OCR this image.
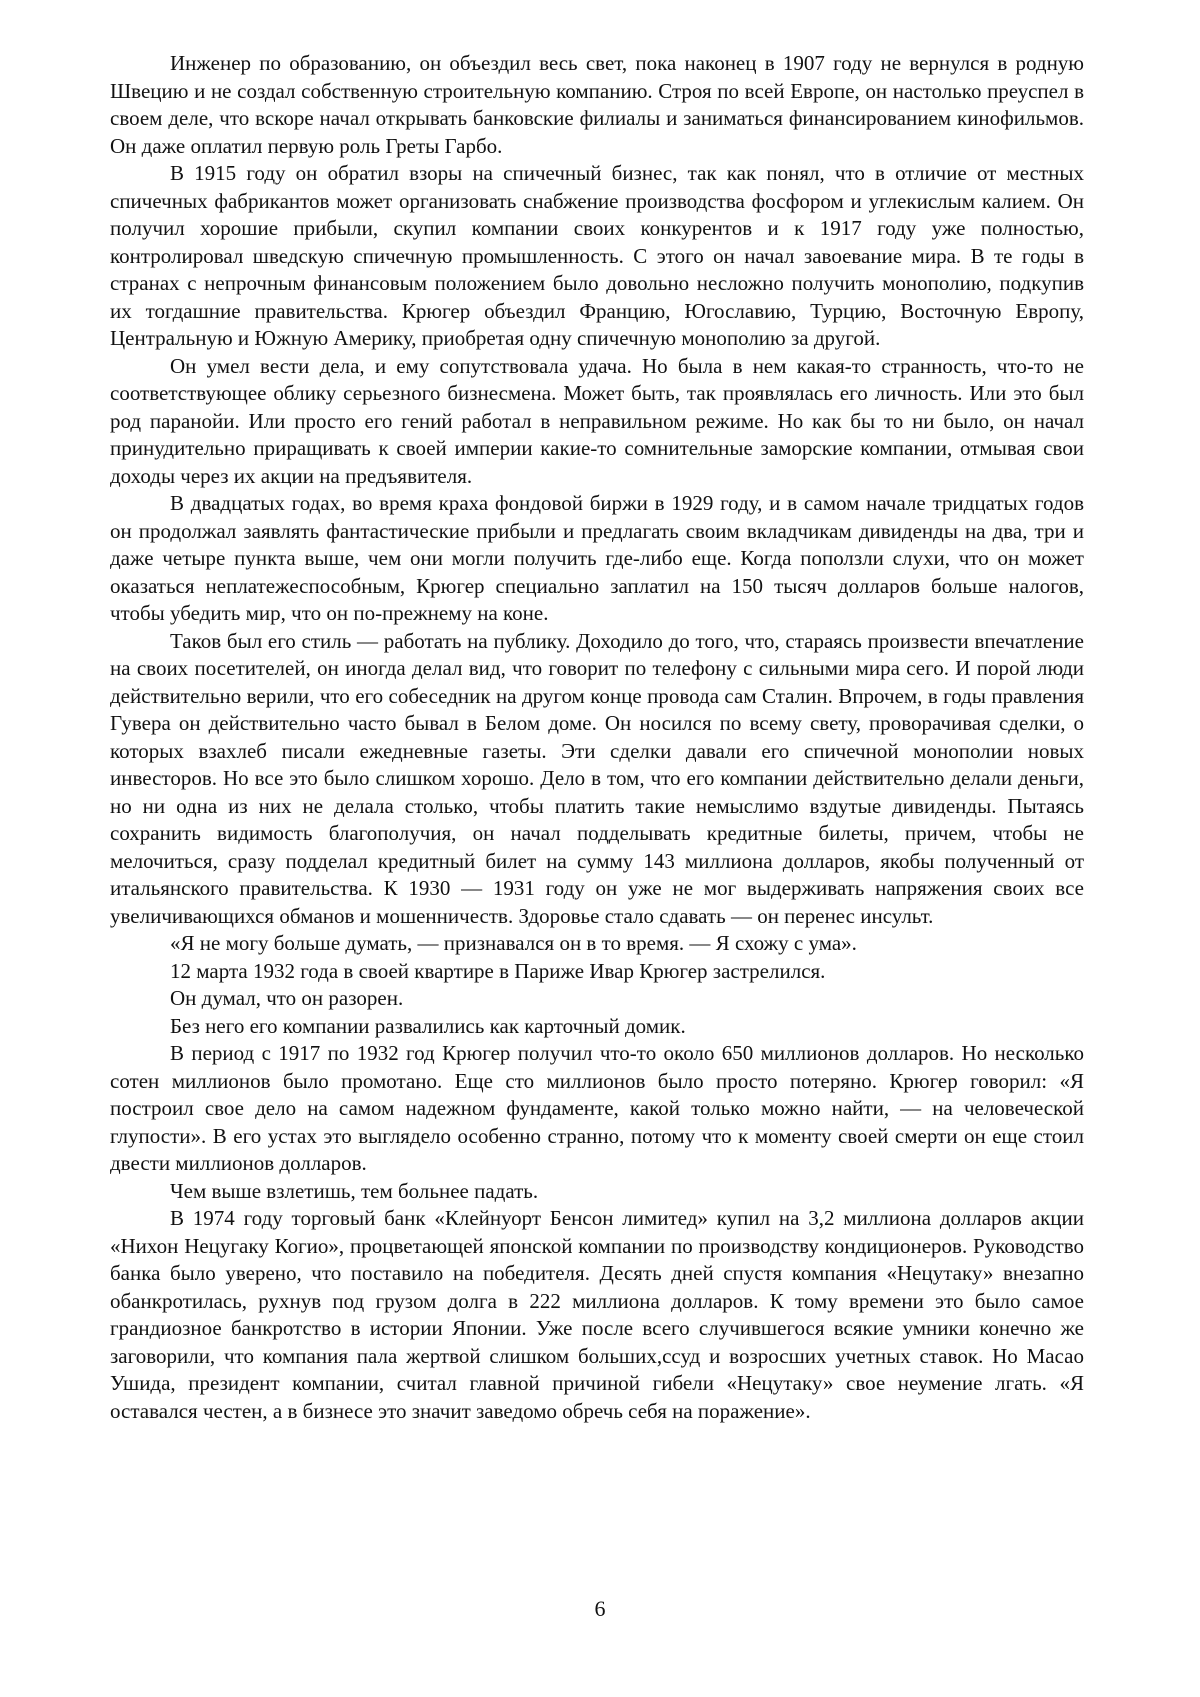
Инженер по образованию, он объездил весь свет, пока наконец в 1907 году не вернулся в родную Швецию и не создал собственную строительную компанию. Строя по всей Европе, он настолько преуспел в своем деле, что вскоре начал открывать банковские филиалы и заниматься финансированием кинофильмов. Он даже оплатил первую роль Греты Гарбо.

В 1915 году он обратил взоры на спичечный бизнес, так как понял, что в отличие от местных спичечных фабрикантов может организовать снабжение производства фосфором и углекислым калием. Он получил хорошие прибыли, скупил компании своих конкурентов и к 1917 году уже полностью, контролировал шведскую спичечную промышленность. С этого он начал завоевание мира. В те годы в странах с непрочным финансовым положением было довольно несложно получить монополию, подкупив их тогдашние правительства. Крюгер объездил Францию, Югославию, Турцию, Восточную Европу, Центральную и Южную Америку, приобретая одну спичечную монополию за другой.

Он умел вести дела, и ему сопутствовала удача. Но была в нем какая-то странность, что-то не соответствующее облику серьезного бизнесмена. Может быть, так проявлялась его личность. Или это был род паранойи. Или просто его гений работал в неправильном режиме. Но как бы то ни было, он начал принудительно приращивать к своей империи какие-то сомнительные заморские компании, отмывая свои доходы через их акции на предъявителя.

В двадцатых годах, во время краха фондовой биржи в 1929 году, и в самом начале тридцатых годов он продолжал заявлять фантастические прибыли и предлагать своим вкладчикам дивиденды на два, три и даже четыре пункта выше, чем они могли получить где-либо еще. Когда поползли слухи, что он может оказаться неплатежеспособным, Крюгер специально заплатил на 150 тысяч долларов больше налогов, чтобы убедить мир, что он по-прежнему на коне.

Таков был его стиль — работать на публику. Доходило до того, что, стараясь произвести впечатление на своих посетителей, он иногда делал вид, что говорит по телефону с сильными мира сего. И порой люди действительно верили, что его собеседник на другом конце провода сам Сталин. Впрочем, в годы правления Гувера он действительно часто бывал в Белом доме. Он носился по всему свету, проворачивая сделки, о которых взахлеб писали ежедневные газеты. Эти сделки давали его спичечной монополии новых инвесторов. Но все это было слишком хорошо. Дело в том, что его компании действительно делали деньги, но ни одна из них не делала столько, чтобы платить такие немыслимо вздутые дивиденды. Пытаясь сохранить видимость благополучия, он начал подделывать кредитные билеты, причем, чтобы не мелочиться, сразу подделал кредитный билет на сумму 143 миллиона долларов, якобы полученный от итальянского правительства. К 1930 — 1931 году он уже не мог выдерживать напряжения своих все увеличивающихся обманов и мошенничеств. Здоровье стало сдавать — он перенес инсульт.

«Я не могу больше думать, — признавался он в то время. — Я схожу с ума».

12 марта 1932 года в своей квартире в Париже Ивар Крюгер застрелился.

Он думал, что он разорен.

Без него его компании развалились как карточный домик.

В период с 1917 по 1932 год Крюгер получил что-то около 650 миллионов долларов. Но несколько сотен миллионов было промотано. Еще сто миллионов было просто потеряно. Крюгер говорил: «Я построил свое дело на самом надежном фундаменте, какой только можно найти, — на человеческой глупости». В его устах это выглядело особенно странно, потому что к моменту своей смерти он еще стоил двести миллионов долларов.

Чем выше взлетишь, тем больнее падать.

В 1974 году торговый банк «Клейнуорт Бенсон лимитед» купил на 3,2 миллиона долларов акции «Нихон Нецугаку Когио», процветающей японской компании по производству кондиционеров. Руководство банка было уверено, что поставило на победителя. Десять дней спустя компания «Нецутаку» внезапно обанкротилась, рухнув под грузом долга в 222 миллиона долларов. К тому времени это было самое грандиозное банкротство в истории Японии. Уже после всего случившегося всякие умники конечно же заговорили, что компания пала жертвой слишком больших,ссуд и возросших учетных ставок. Но Масао Ушида, президент компании, считал главной причиной гибели «Нецутаку» свое неумение лгать. «Я оставался честен, а в бизнесе это значит заведомо обречь себя на поражение».

6
